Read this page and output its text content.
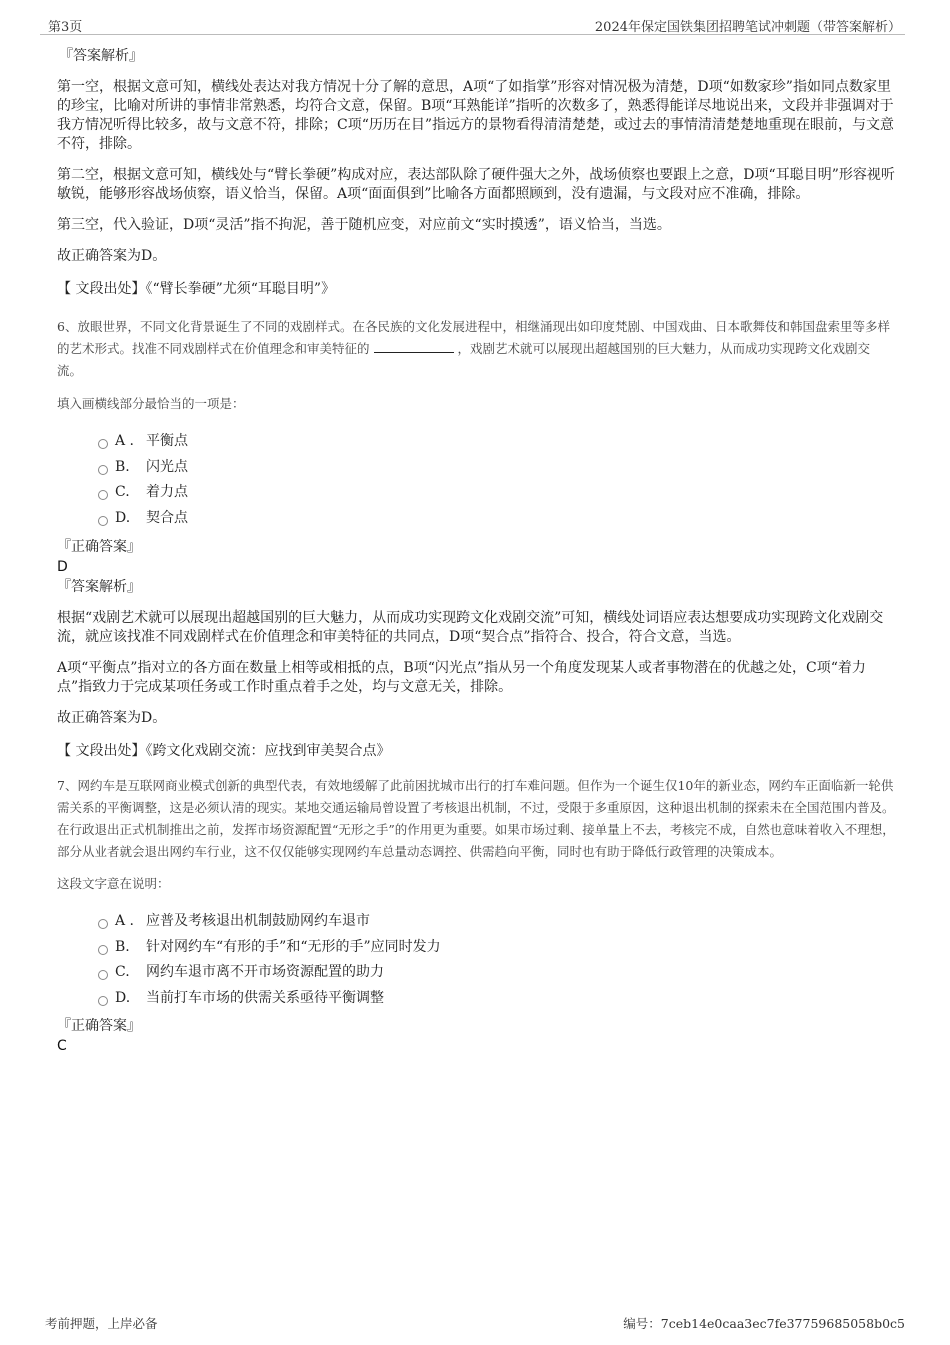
第3页	2024年保定国铁集团招聘笔试冲刺题（带答案解析）
『答案解析』

第一空，根据文意可知，横线处表达对我方情况十分了解的意思，A项“了如指掌”形容对情况极为清楚，D项“如数家珍”指如同点数家里的珍宝，比喻对所讲的事情非常熟悉，均符合文意，保留。B项“耳熟能详”指听的次数多了，熟悉得能详尽地说出来，文段并非强调对于我方情况听得比较多，故与文意不符，排除；C项“历历在目”指远方的景物看得清清楚楚，或过去的事情清清楚楚地重现在眼前，与文意不符，排除。

第二空，根据文意可知，横线处与“臂长拳硬”构成对应，表达部队除了硬件强大之外，战场侦察也要跟上之意，D项“耳聪目明”形容视听敏锐，能够形容战场侦察，语义恰当，保留。A项“面面俱到”比喻各方面都照顾到，没有遗漏，与文段对应不准确，排除。

第三空，代入验证，D项“灵活”指不拘泥，善于随机应变，对应前文“实时摸透”，语义恰当，当选。

故正确答案为D。

【 文段出处】《“臂长拳硬”尤须“耳聪目明”》

6、放眼世界，不同文化背景诞生了不同的戏剧样式。在各民族的文化发展进程中，相继涌现出如印度梵剧、中国戏曲、日本歌舞伎和韩国盘索里等多样的艺术形式。找准不同戏剧样式在价值理念和审美特征的	，戏剧艺术就可以展现出超越国别的巨大魅力，从而成功实现跨文化戏剧交流。

填入画横线部分最恰当的一项是：

A . 平衡点
B. 闪光点
C. 着力点
D. 契合点
『正确答案』
D
『答案解析』

根据“戏剧艺术就可以展现出超越国别的巨大魅力，从而成功实现跨文化戏剧交流”可知，横线处词语应表达想要成功实现跨文化戏剧交流，就应该找准不同戏剧样式在价值理念和审美特征的共同点，D项“契合点”指符合、投合，符合文意，当选。

A项“平衡点”指对立的各方面在数量上相等或相抵的点，B项“闪光点”指从另一个角度发现某人或者事物潜在的优越之处，C项“着力点”指致力于完成某项任务或工作时重点着手之处，均与文意无关，排除。

故正确答案为D。

【 文段出处】《跨文化戏剧交流：应找到审美契合点》

7、网约车是互联网商业模式创新的典型代表，有效地缓解了此前困扰城市出行的打车难问题。但作为一个诞生仅10年的新业态，网约车正面临新一轮供需关系的平衡调整，这是必须认清的现实。某地交通运输局曾设置了考核退出机制，不过，受限于多重原因，这种退出机制的探索未在全国范围内普及。在行政退出正式机制推出之前，发挥市场资源配置“无形之手”的作用更为重要。如果市场过剩、接单量上不去，考核完不成，自然也意味着收入不理想，部分从业者就会退出网约车行业，这不仅仅能够实现网约车总量动态调控、供需趋向平衡，同时也有助于降低行政管理的决策成本。

这段文字意在说明：

A . 应普及考核退出机制鼓励网约车退市
B. 针对网约车“有形的手”和“无形的手”应同时发力
C. 网约车退市离不开市场资源配置的助力
D. 当前打车市场的供需关系亟待平衡调整
『正确答案』
C
考前押题，上岸必备	编号：7ceb14e0caa3ec7fe37759685058b0c5
